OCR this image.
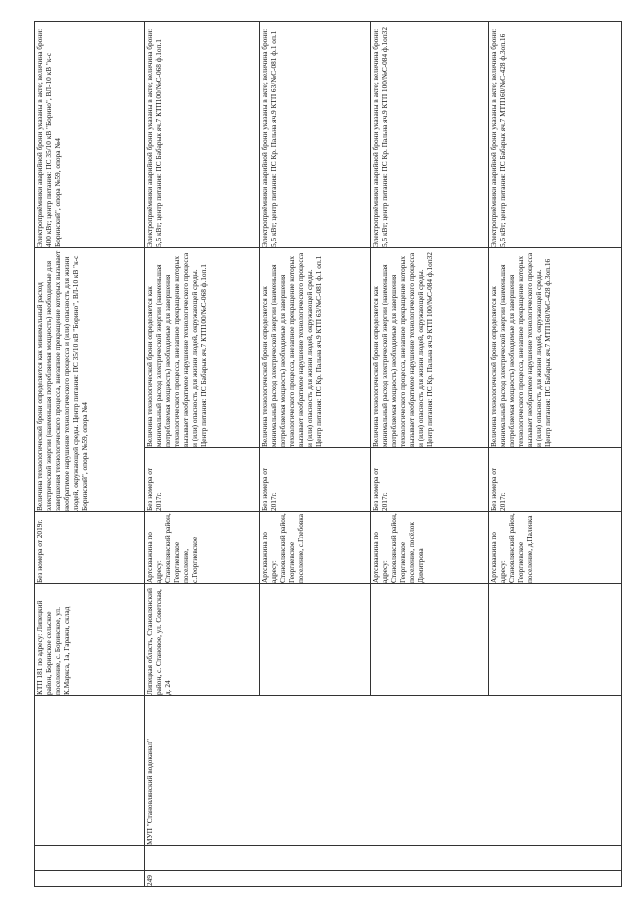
КТП 181 по адресу: Липецкий район, Боринское сельское поселение, с. Боринское, ул. К.Маркса, 1а, Гаражи, склад
Без номера от 2019г.
Величина технологической брони определяется как минимальный расход электрической энергии (наименьшая потребляемая мощность) необходимые для завершения технологического процесса, внезапное прекращение которых вызывает необратимое нарушение технологического процесса и (или) опасность для жизни людей, окружающей среды. Центр питания: ПС 35/10 кВ "Борино", ВЛ-10 кВ "к-с Боринский", опора №59, опора №4
Электроприёмники аварийной брони указаны в акте; величина брони: 400 кВт; центр питания: ПС 35/10 кВ "Борино", ВЛ-10 кВ "к-с Боринский", опора №59, опора №4
249
МУП "Становлянский водоканал"
Липецкая область, Становлянский район, с. Становое, ул. Советская, д. 24
Артскважина по адресу: Становлянский район, Георгиевское поселение, с.Георгиевское
Без номера от 2017г.
Величина технологической брони определяется как минимальный расход электрической энергии (наименьшая потребляемая мощность) необходимые для завершения технологического процесса, внезапное прекращение которых вызывает необратимое нарушение технологического процесса и (или) опасность для жизни людей, окружающей среды. Центр питания: ПС Бабарык яч.7 КТП100/№С-068 ф.1оп.1
Электроприёмники аварийной брони указаны в акте; величина брони: 5,5 кВт; центр питания: ПС Бабарык яч.7 КТП100/№С-068 ф.1оп.1
Артскважина по адресу: Становлянский район, Георгиевское поселение, с.Глебовка
Без номера от 2017г.
Величина технологической брони определяется как минимальный расход электрической энергии (наименьшая потребляемая мощность) необходимые для завершения технологического процесса, внезапное прекращение которых вызывает необратимое нарушение технологического процесса и (или) опасность для жизни людей, окружающей среды. Центр питания: ПС Кр. Пальна яч.9 КТП 63/№С-081 ф.1 оп.1
Электроприёмники аварийной брони указаны в акте; величина брони: 5,5 кВт; центр питания: ПС Кр. Пальна яч.9 КТП 63/№С-081 ф.1 оп.1
Артскважина по адресу: Становлянский район, Георгиевское поселение, посёлок Димитрова
Без номера от 2017г.
Величина технологической брони определяется как минимальный расход электрической энергии (наименьшая потребляемая мощность) необходимые для завершения технологического процесса, внезапное прекращение которых вызывает необратимое нарушение технологического процесса и (или) опасность для жизни людей, окружающей среды. Центр питания: ПС Кр. Пальна яч.9 КТП 100/№С-084 ф.1оп32
Электроприёмники аварийной брони указаны в акте; величина брони: 5,5 кВт; центр питания: ПС Кр. Пальна яч.9 КТП 100/№С-084 ф.1оп32
Артскважина по адресу: Становлянский район, Георгиевское поселение, д.Паленка
Без номера от 2017г.
Величина технологической брони определяется как минимальный расход электрической энергии (наименьшая потребляемая мощность) необходимые для завершения технологического процесса, внезапное прекращение которых вызывает необратимое нарушение технологического процесса и (или) опасность для жизни людей, окружающей среды. Центр питания: ПС Бабарык яч.7 МТП160/№С-428 ф.3оп.16
Электроприёмники аварийной брони указаны в акте; величина брони: 5,5 кВт; центр питания: ПС Бабарык яч.7 МТП160/№С-428 ф.3оп.16
